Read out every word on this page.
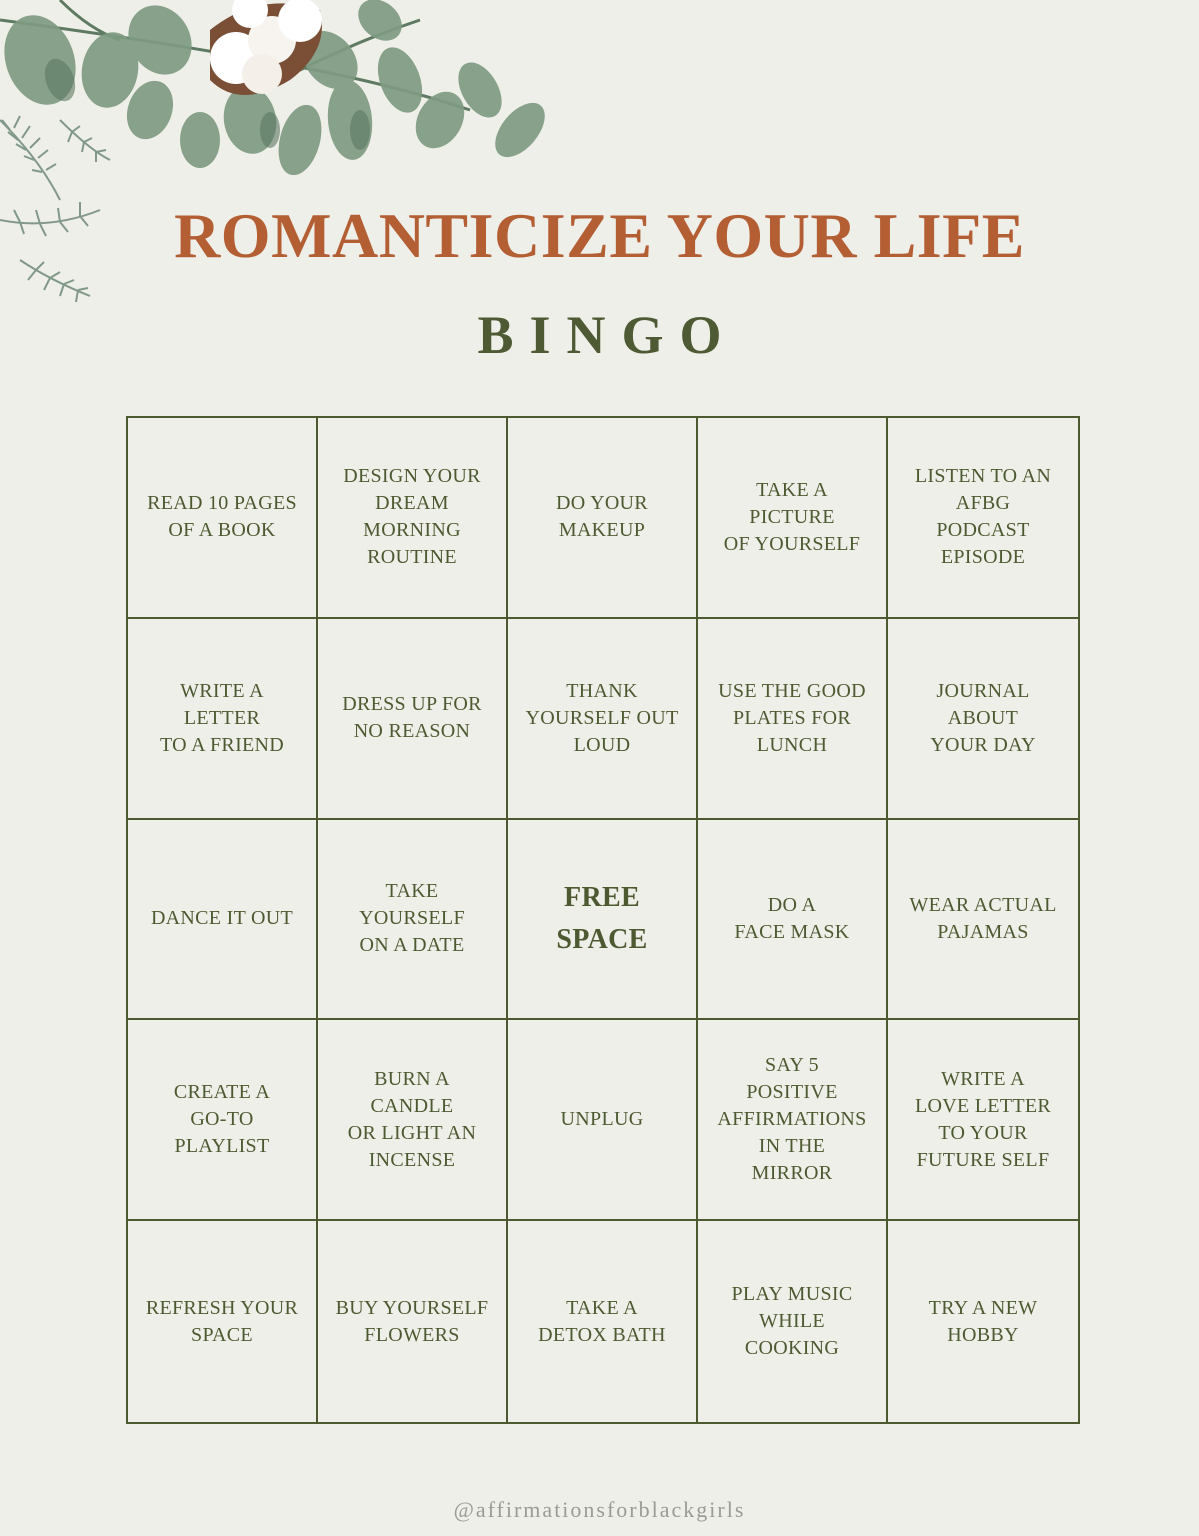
ROMANTICIZE YOUR LIFE
BINGO
READ 10 PAGES
OF A BOOK
DESIGN YOUR
DREAM
MORNING
ROUTINE
DO YOUR
MAKEUP
TAKE A
PICTURE
OF YOURSELF
LISTEN TO AN
AFBG
PODCAST
EPISODE
WRITE A
LETTER
TO A FRIEND
DRESS UP FOR
NO REASON
THANK
YOURSELF OUT
LOUD
USE THE GOOD
PLATES FOR
LUNCH
JOURNAL
ABOUT
YOUR DAY
DANCE IT OUT
TAKE
YOURSELF
ON A DATE
FREE
SPACE
DO A
FACE MASK
WEAR ACTUAL
PAJAMAS
CREATE A
GO-TO
PLAYLIST
BURN A
CANDLE
OR LIGHT AN
INCENSE
UNPLUG
SAY 5
POSITIVE
AFFIRMATIONS
IN THE
MIRROR
WRITE A
LOVE LETTER
TO YOUR
FUTURE SELF
REFRESH YOUR
SPACE
BUY YOURSELF
FLOWERS
TAKE A
DETOX BATH
PLAY MUSIC
WHILE
COOKING
TRY A NEW
HOBBY
@affirmationsforblackgirls
